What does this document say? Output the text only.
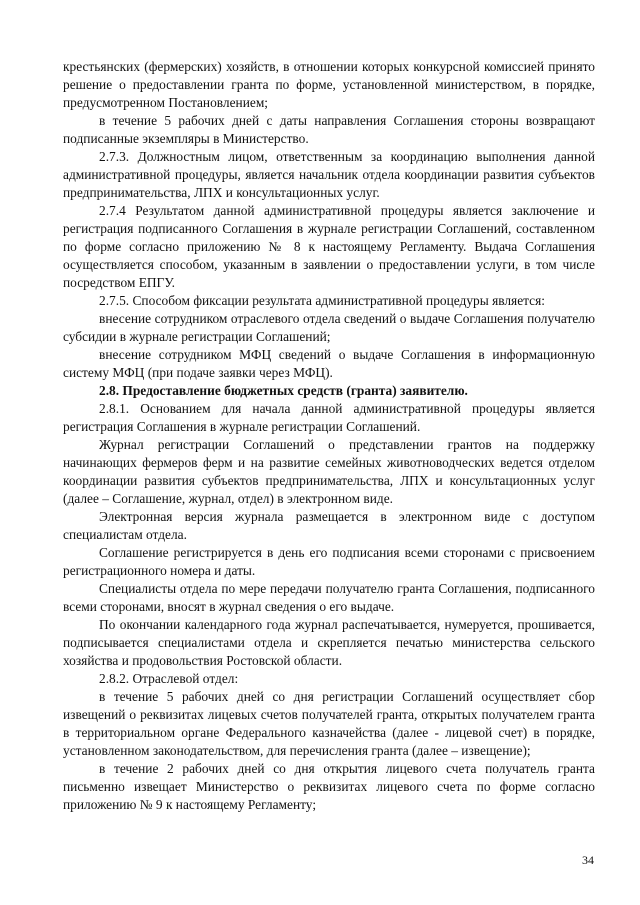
крестьянских (фермерских) хозяйств, в отношении которых конкурсной комиссией принято решение о предоставлении гранта по форме, установленной министерством, в порядке, предусмотренном Постановлением;

в течение 5 рабочих дней с даты направления Соглашения стороны возвращают подписанные экземпляры в Министерство.

2.7.3. Должностным лицом, ответственным за координацию выполнения данной административной процедуры, является начальник отдела координации развития субъектов предпринимательства, ЛПХ и консультационных услуг.

2.7.4 Результатом данной административной процедуры является заключение и регистрация подписанного Соглашения в журнале регистрации Соглашений, составленном по форме согласно приложению № 8 к настоящему Регламенту. Выдача Соглашения осуществляется способом, указанным в заявлении о предоставлении услуги, в том числе посредством ЕПГУ.

2.7.5. Способом фиксации результата административной процедуры является:

внесение сотрудником отраслевого отдела сведений о выдаче Соглашения получателю субсидии в журнале регистрации Соглашений;

внесение сотрудником МФЦ сведений о выдаче Соглашения в информационную систему МФЦ (при подаче заявки через МФЦ).

2.8. Предоставление бюджетных средств (гранта) заявителю.

2.8.1. Основанием для начала данной административной процедуры является регистрация Соглашения в журнале регистрации Соглашений.

Журнал регистрации Соглашений о представлении грантов на поддержку начинающих фермеров ферм и на развитие семейных животноводческих ведется отделом координации развития субъектов предпринимательства, ЛПХ и консультационных услуг (далее – Соглашение, журнал, отдел) в электронном виде.

Электронная версия журнала размещается в электронном виде с доступом специалистам отдела.

Соглашение регистрируется в день его подписания всеми сторонами с присвоением регистрационного номера и даты.

Специалисты отдела по мере передачи получателю гранта Соглашения, подписанного всеми сторонами, вносят в журнал сведения о его выдаче.

По окончании календарного года журнал распечатывается, нумеруется, прошивается, подписывается специалистами отдела и скрепляется печатью министерства сельского хозяйства и продовольствия Ростовской области.

2.8.2. Отраслевой отдел:

в течение 5 рабочих дней со дня регистрации Соглашений осуществляет сбор извещений о реквизитах лицевых счетов получателей гранта, открытых получателем гранта в территориальном органе Федерального казначейства (далее - лицевой счет) в порядке, установленном законодательством, для перечисления гранта (далее – извещение);

в течение 2 рабочих дней со дня открытия лицевого счета получатель гранта письменно извещает Министерство о реквизитах лицевого счета по форме согласно приложению № 9 к настоящему Регламенту;

34
